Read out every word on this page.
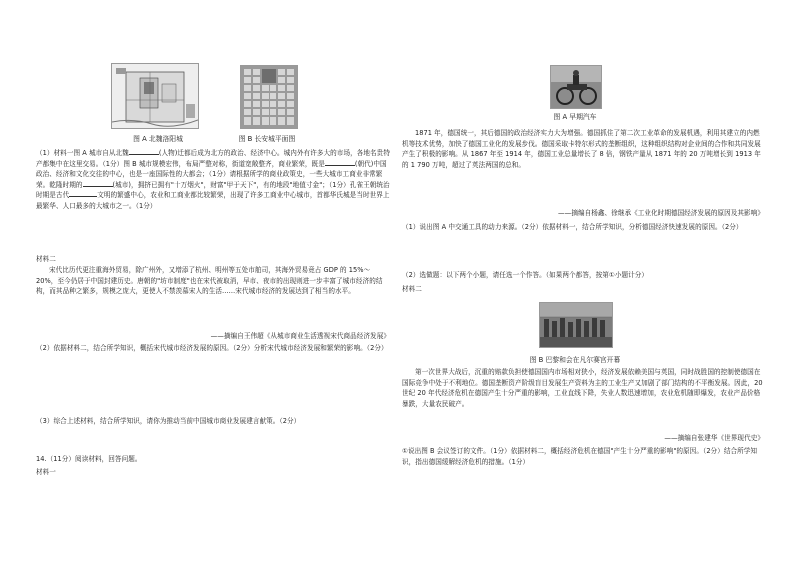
图 A 北魏洛阳城	图 B 长安城平面图
（1）材料一图 A 城市自从北魏	(人物)迁都后成为北方的政治、经济中心。城内外有许多大的市场，各地名贵特产都集中在这里交易。（1分）图 B 城市规模宏伟，布局严整对称，街道宽敞整齐，商业繁荣，既是	(朝代)中国政治、经济和文化交往的中心，也是一座国际性的大都会；（1分）请根据所学的商业政策史，一些大城市工商业非常繁荣。乾隆时期的	(城市)，拥挤已拥有"十万烟火"，财富"甲于天下"，有的地段"地值寸金"；（1分）孔雀王朝统治时期是古代	文明的繁盛中心，农业和工商业都比较繁荣，出现了许多工商业中心城市，首都华氏城是当时世界上最繁华、人口最多的大城市之一。（1分）
材料二
宋代比历代更注重海外贸易，除广州外，又增添了杭州、明州等五处市舶司，其海外贸易竟占 GDP 的 15%～20%，至今仍居于中国封建历史。唐朝的"坊市制度"也在宋代被取消，早市、夜市的出现则进一步丰富了城市经济的结构，而其品种之繁多，规模之庞大，更使人不禁羡慕宋人的生活……宋代城市经济的发展达到了相当的水平。
——摘编自王伟超《从城市商业生活透视宋代商品经济发展》
（2）依据材料二，结合所学知识，概括宋代城市经济发展的原因。（2分）分析宋代城市经济发展和繁荣的影响。（2分）
（3）综合上述材料，结合所学知识，请你为推动当前中国城市商业发展建言献策。（2分）
14.（11分）阅读材料，回答问题。
材料一
图 A 早期汽车
1871 年，德国统一，其后德国的政治经济实力大为增强。德国抓住了第二次工业革命的发展机遇，利用其建立的内燃机等技术优势，加快了德国工业化的发展步伐。德国采取卡特尔形式的垄断组织，这种组织结构对企业间的合作和共同发展产生了积极的影响。从 1867 年至 1914 年，德国工业总量增长了 8 倍，钢铁产量从 1871 年的 20 万吨增长到 1913 年的 1 790 万吨，超过了英法两国的总和。
——摘编自杨鑫、徐继承《工业化时期德国经济发展的原因及其影响》
（1）说出图 A 中交通工具的动力来源。（2分）依据材料一，结合所学知识，分析德国经济快速发展的原因。（2分）
（2）选做题：以下两个小题，请任选一个作答。（如果两个都答，按第①小题计分）
材料二
图 B 巴黎和会在凡尔赛宫开幕
第一次世界大战后，沉重的赔款负担使德国国内市场相对狭小，经济发展依赖美国与英国，同时战胜国的控制使德国在国际竞争中处于不利地位。德国垄断资产阶级盲目发展生产资料为主的工业生产又加剧了部门结构的不平衡发展。因此，20 世纪 20 年代经济危机在德国产生十分严重的影响，工业直线下降，失业人数迅速增加，农业危机随即爆发，农业产品价格暴跌，大量农民破产。
——摘编自张建华《世界现代史》
①说出图 B 会议签订的文件。（1分）依据材料二，概括经济危机在德国"产生十分严重的影响"的原因。（2分）结合所学知识，指出德国缓解经济危机的措施。（1分）
